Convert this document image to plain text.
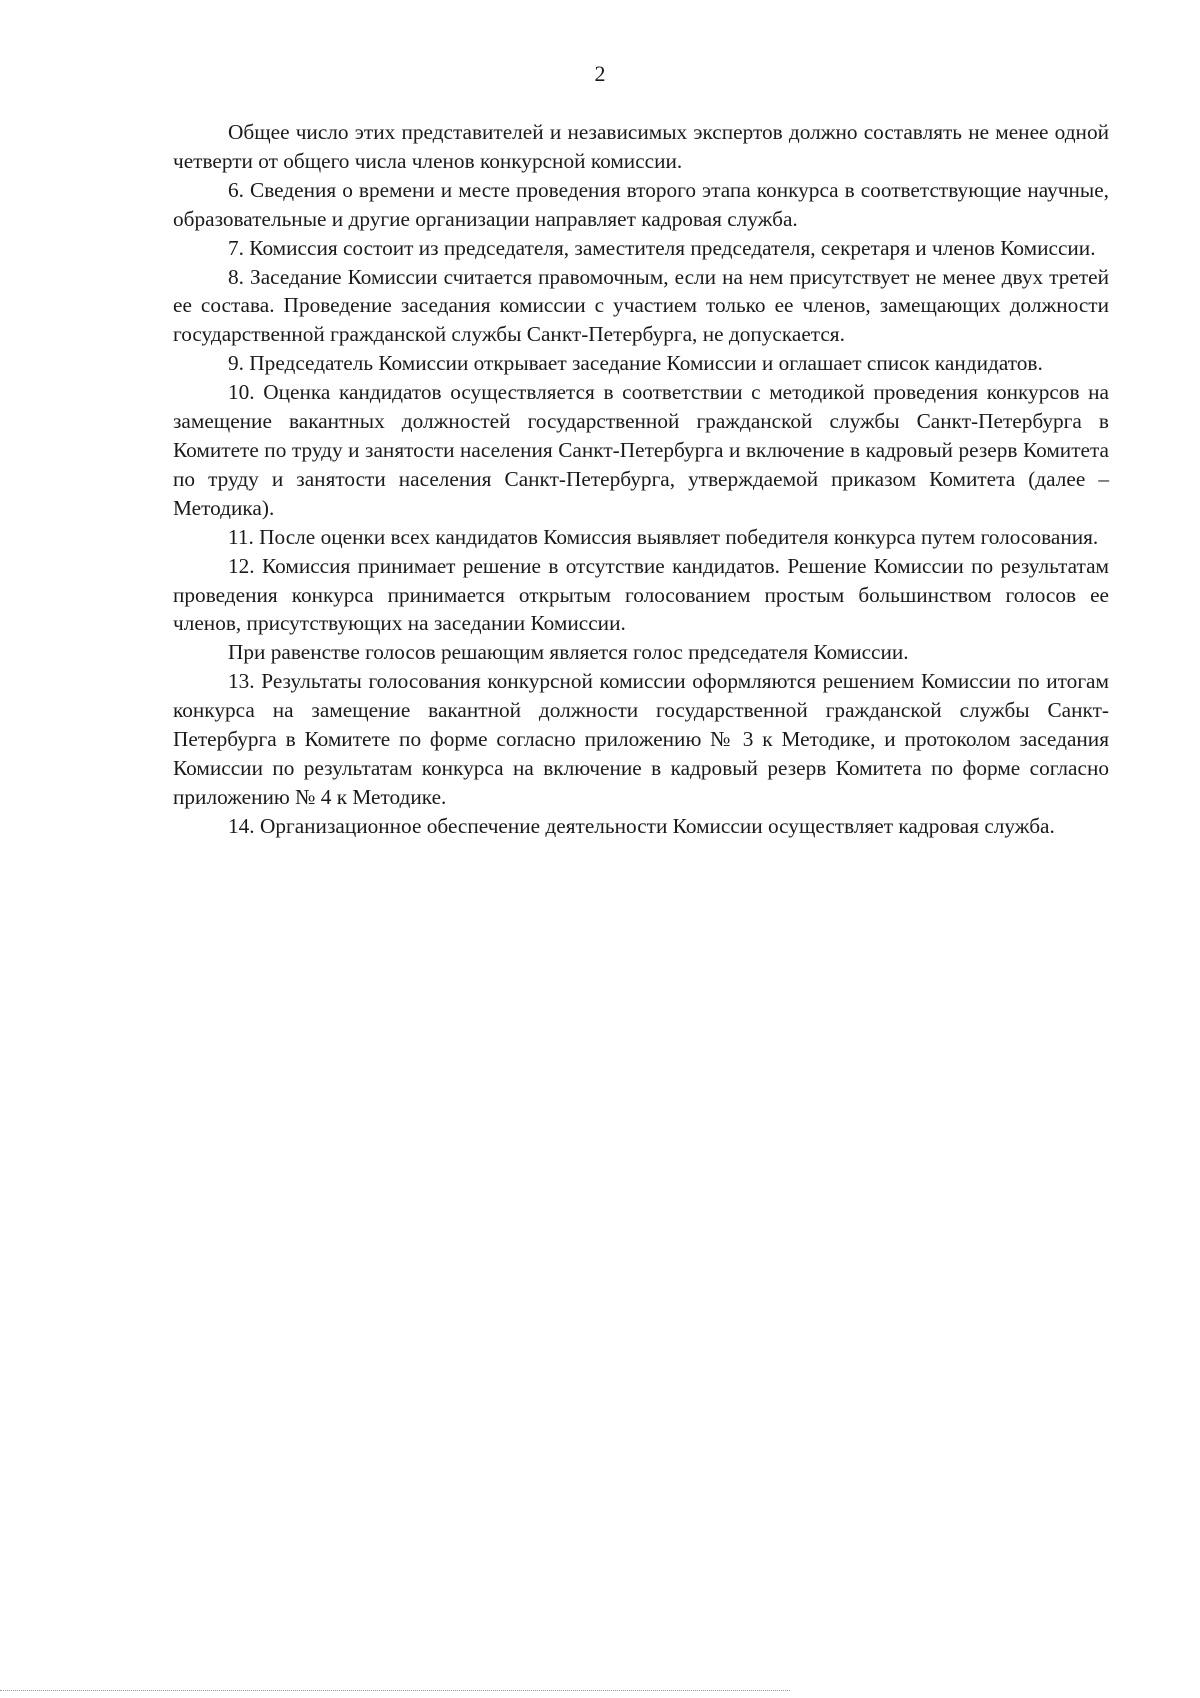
2

Общее число этих представителей и независимых экспертов должно составлять не менее одной четверти от общего числа членов конкурсной комиссии.

6. Сведения о времени и месте проведения второго этапа конкурса в соответствующие научные, образовательные и другие организации направляет кадровая служба.

7. Комиссия состоит из председателя, заместителя председателя, секретаря и членов Комиссии.

8. Заседание Комиссии считается правомочным, если на нем присутствует не менее двух третей ее состава. Проведение заседания комиссии с участием только ее членов, замещающих должности государственной гражданской службы Санкт-Петербурга, не допускается.

9. Председатель Комиссии открывает заседание Комиссии и оглашает список кандидатов.

10. Оценка кандидатов осуществляется в соответствии с методикой проведения конкурсов на замещение вакантных должностей государственной гражданской службы Санкт-Петербурга в Комитете по труду и занятости населения Санкт-Петербурга и включение в кадровый резерв Комитета по труду и занятости населения Санкт-Петербурга, утверждаемой приказом Комитета (далее – Методика).

11. После оценки всех кандидатов Комиссия выявляет победителя конкурса путем голосования.

12. Комиссия принимает решение в отсутствие кандидатов. Решение Комиссии по результатам проведения конкурса принимается открытым голосованием простым большинством голосов ее членов, присутствующих на заседании Комиссии.

При равенстве голосов решающим является голос председателя Комиссии.

13. Результаты голосования конкурсной комиссии оформляются решением Комиссии по итогам конкурса на замещение вакантной должности государственной гражданской службы Санкт-Петербурга в Комитете по форме согласно приложению № 3 к Методике, и протоколом заседания Комиссии по результатам конкурса на включение в кадровый резерв Комитета по форме согласно приложению № 4 к Методике.

14. Организационное обеспечение деятельности Комиссии осуществляет кадровая служба.
